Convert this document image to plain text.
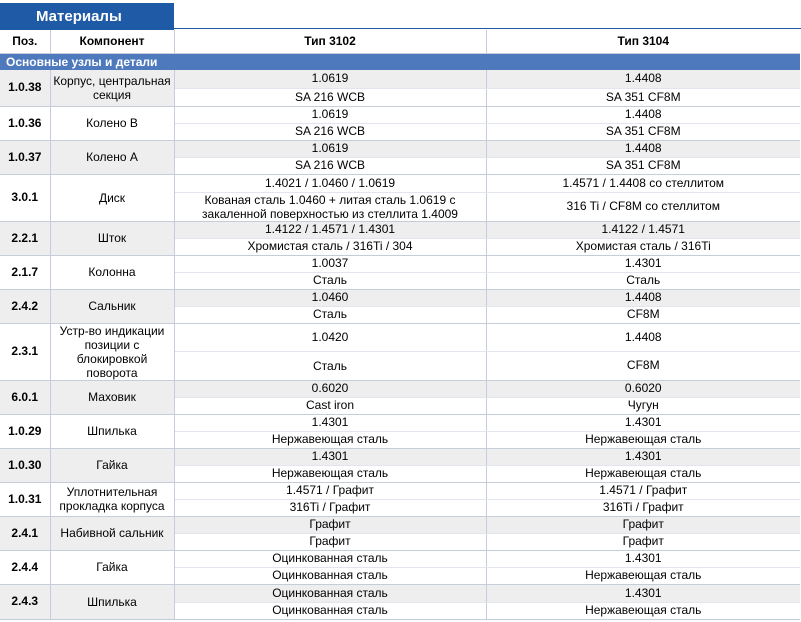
Материалы
Поз.	Компонент	Тип 3102	Тип 3104
Основные узлы и детали			
1.0.38	Корпус, центральная секция	1.0619	1.4408
		SA 216 WCB	SA 351 CF8M
1.0.36	Колено В	1.0619	1.4408
		SA 216 WCB	SA 351 CF8M
1.0.37	Колено А	1.0619	1.4408
		SA 216 WCB	SA 351 CF8M
3.0.1	Диск	1.4021 / 1.0460 / 1.0619	1.4571 / 1.4408 со стеллитом
		Кованая сталь 1.0460 + литая сталь 1.0619 с закаленной поверхностью из стеллита 1.4009	316 Ti / CF8M со стеллитом
2.2.1	Шток	1.4122 / 1.4571 / 1.4301	1.4122 / 1.4571
		Хромистая сталь / 316Ti / 304	Хромистая сталь / 316Ti
2.1.7	Колонна	1.0037	1.4301
		Сталь	Сталь
2.4.2	Сальник	1.0460	1.4408
		Сталь	CF8M
2.3.1	Устр-во индикации позиции с блокировкой поворота	1.0420	1.4408
		Сталь	CF8M
6.0.1	Маховик	0.6020	0.6020
		Cast iron	Чугун
1.0.29	Шпилька	1.4301	1.4301
		Нержавеющая сталь	Нержавеющая сталь
1.0.30	Гайка	1.4301	1.4301
		Нержавеющая сталь	Нержавеющая сталь
1.0.31	Уплотнительная прокладка корпуса	1.4571 / Графит	1.4571 / Графит
		316Ti / Графит	316Ti / Графит
2.4.1	Набивной сальник	Графит	Графит
		Графит	Графит
2.4.4	Гайка	Оцинкованная сталь	1.4301
		Оцинкованная сталь	Нержавеющая сталь
2.4.3	Шпилька	Оцинкованная сталь	1.4301
		Оцинкованная сталь	Нержавеющая сталь
